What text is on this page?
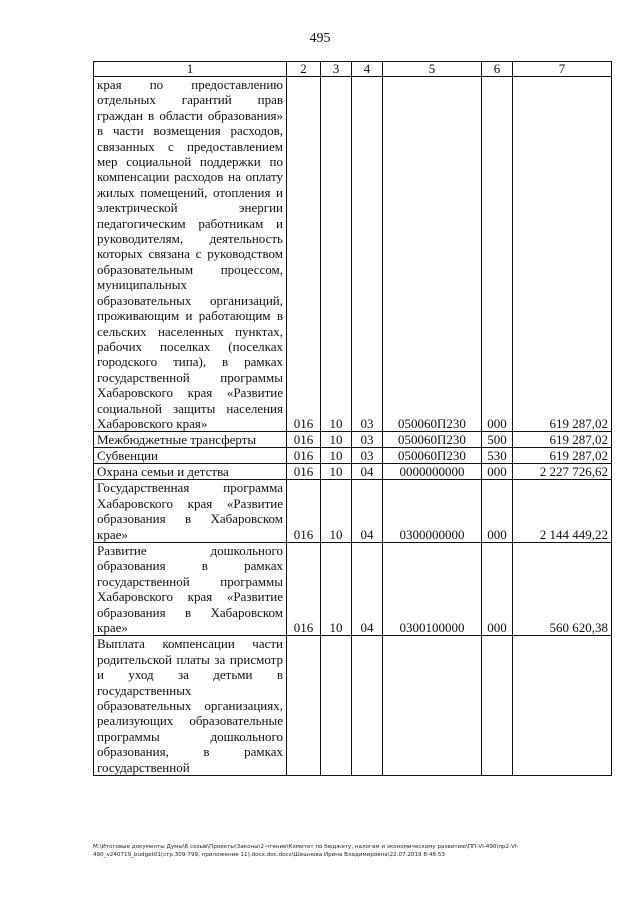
495
1	2	3	4	5	6	7
края по предоставлению отдельных гарантий прав граждан в области образования» в части возмещения расходов, связанных с предоставлением мер социальной поддержки по компенсации расходов на оплату жилых помещений, отопления и электрической энергии педагогическим работникам и руководителям, деятельность которых связана с руководством образовательным процессом, муниципальных образовательных организаций, проживающим и работающим в сельских населенных пунктах, рабочих поселках (поселках городского типа), в рамках государственной программы Хабаровского края «Развитие социальной защиты населения Хабаровского края»	016	10	03	050060П230	000	619 287,02
Межбюджетные трансферты	016	10	03	050060П230	500	619 287,02
Субвенции	016	10	03	050060П230	530	619 287,02
Охрана семьи и детства	016	10	04	0000000000	000	2 227 726,62
Государственная программа Хабаровского края «Развитие образования в Хабаровском крае»	016	10	04	0300000000	000	2 144 449,22
Развитие дошкольного образования в рамках государственной программы Хабаровского края «Развитие образования в Хабаровском крае»	016	10	04	0300100000	000	560 620,38
Выплата компенсации части родительской платы за присмотр и уход за детьми в государственных образовательных организациях, реализующих образовательные программы дошкольного образования, в рамках государственной						
M:\Итоговые документы Думы\6 созыв\Проекты\Законы\2 чтение\Комитет по бюджету, налогам и экономическому развитию\ПП-VI-490\пр2-VI-
490_v240719_budget01(стр.309-799, приложение 11).docx.doc.docx\Шешнова Ирина Владимировна\22.07.2019 8:48:53
